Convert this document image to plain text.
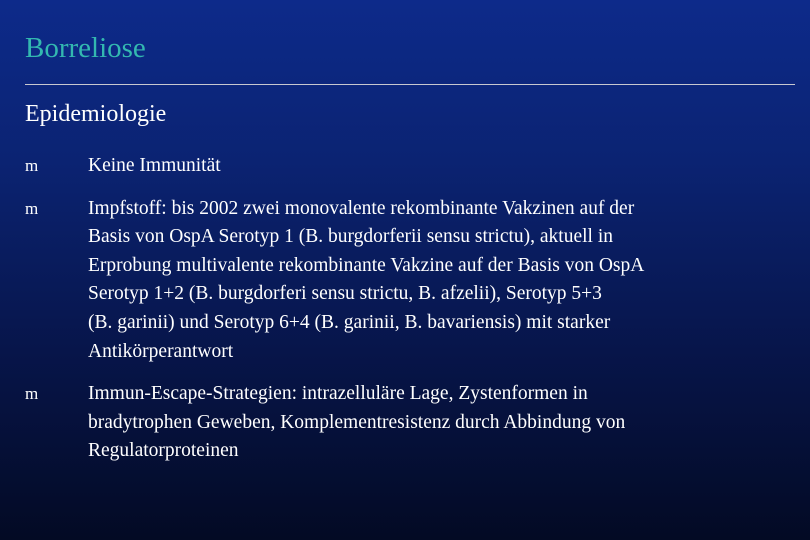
Borreliose
Epidemiologie
m	Keine Immunität
m	Impfstoff: bis 2002 zwei monovalente rekombinante Vakzinen auf der
Basis von OspA Serotyp 1 (B. burgdorferii sensu strictu), aktuell in
Erprobung multivalente rekombinante Vakzine auf der Basis von OspA
Serotyp 1+2 (B. burgdorferi sensu strictu, B. afzelii), Serotyp 5+3
(B. garinii) und Serotyp 6+4 (B. garinii, B. bavariensis) mit starker
Antikörperantwort
m	Immun-Escape-Strategien: intrazelluläre Lage, Zystenformen in
bradytrophen Geweben, Komplementresistenz durch Abbindung von
Regulatorproteinen
